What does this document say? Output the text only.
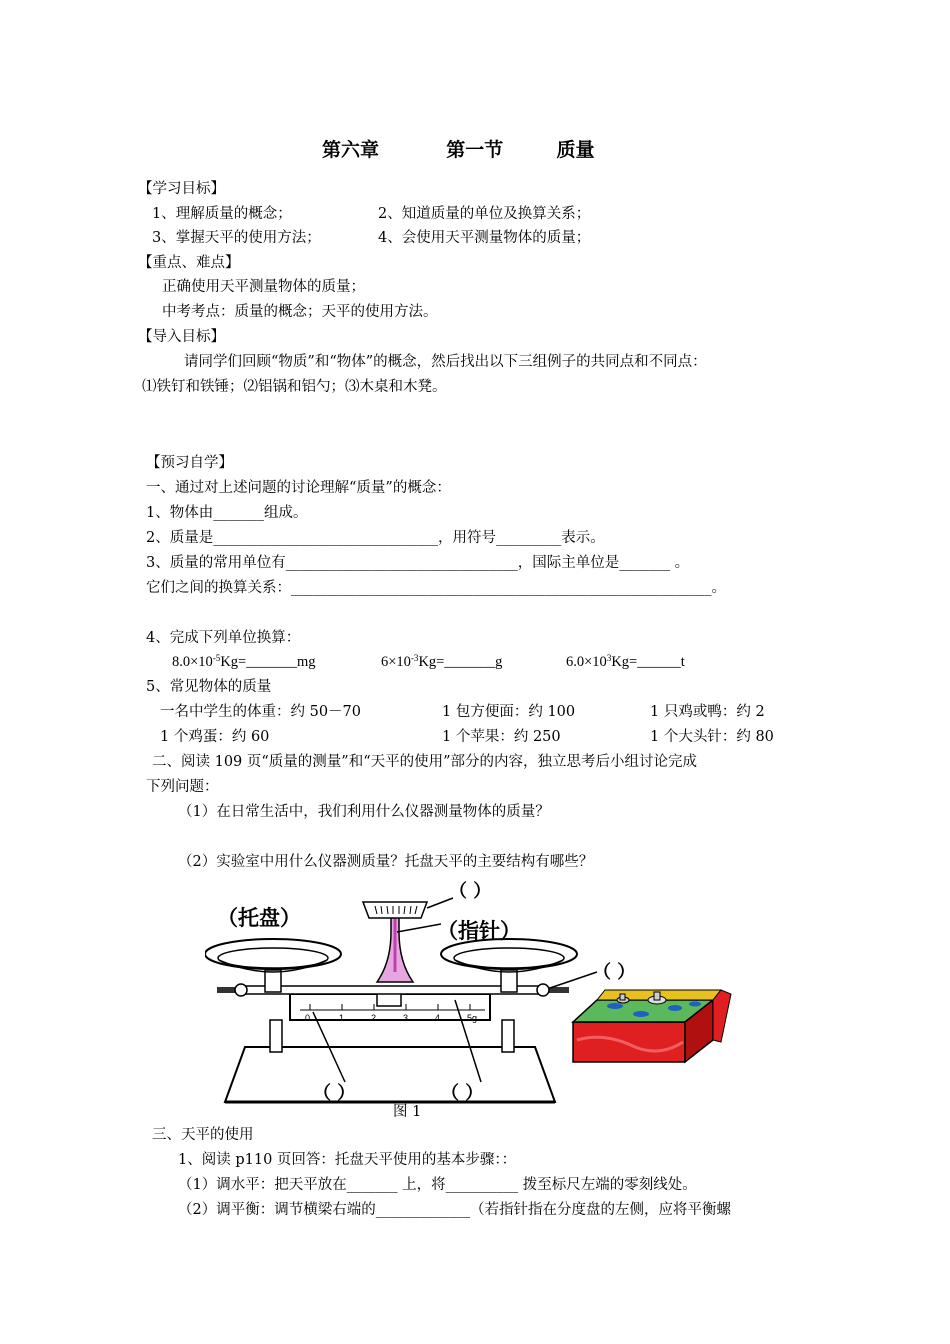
第六章	第一节	质量
【学习目标】
1、理解质量的概念；	2、知道质量的单位及换算关系；
3、掌握天平的使用方法；	4、会使用天平测量物体的质量；
【重点、难点】
正确使用天平测量物体的质量；
中考考点：质量的概念；天平的使用方法。
【导入目标】
请同学们回顾“物质”和“物体”的概念，然后找出以下三组例子的共同点和不同点：
⑴铁钉和铁锤；⑵铝锅和铝勺；⑶木桌和木凳。
【预习自学】
一、通过对上述问题的讨论理解“质量”的概念：
1、物体由_______组成。
2、质量是_______________________________，用符号_________表示。
3、质量的常用单位有________________________________，国际主单位是_______ 。
它们之间的换算关系：__________________________________________________________。
4、完成下列单位换算：
$8.0\times 10^{-5}Kg=\_\_\_\_\_\_\_mg$	$6\times 10^{-3}Kg=\_\_\_\_\_\_\_g$	$6.0\times 10^3Kg=\_\_\_\_\_\_t$
5、常见物体的质量
一名中学生的体重：约 50－70	1 包方便面：约 100	1 只鸡或鸭：约 2
1 个鸡蛋：约 60	1 个苹果：约 250	1 个大头针：约 80
二、阅读 109 页“质量的测量”和“天平的使用”部分的内容，独立思考后小组讨论完成
下列问题：
（1）在日常生活中，我们利用什么仪器测量物体的质量？
（2）实验室中用什么仪器测质量？托盘天平的主要结构有哪些？
1	2	3	4	5g
0
（托盘）
（指针）
（ ）
（ ）
（ ）	（ ）
图 1
三、天平的使用
1、阅读 p110 页回答：托盘天平使用的基本步骤：：
（1）调水平：把天平放在_______ 上，将__________ 拨至标尺左端的零刻线处。
（2）调平衡：调节横梁右端的_____________（若指针指在分度盘的左侧，应将平衡螺
